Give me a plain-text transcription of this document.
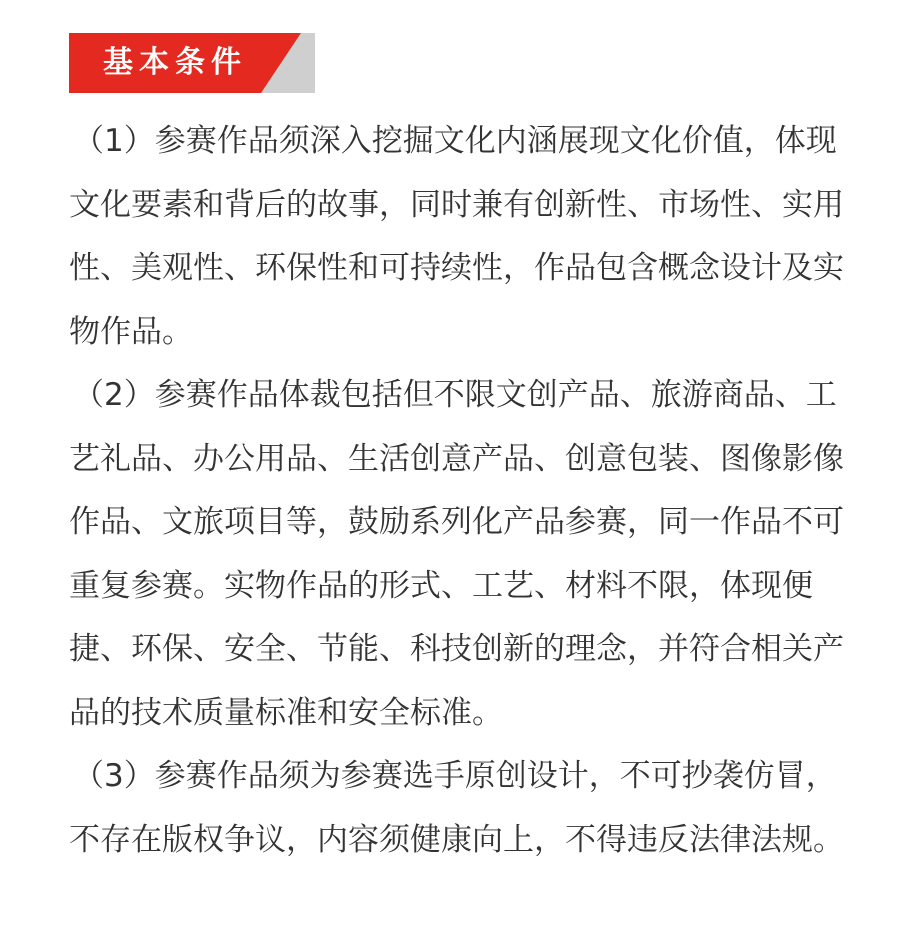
基本条件

（1）参赛作品须深入挖掘文化内涵展现文化价值，体现文化要素和背后的故事，同时兼有创新性、市场性、实用性、美观性、环保性和可持续性，作品包含概念设计及实物作品。

（2）参赛作品体裁包括但不限文创产品、旅游商品、工艺礼品、办公用品、生活创意产品、创意包装、图像影像作品、文旅项目等，鼓励系列化产品参赛，同一作品不可重复参赛。实物作品的形式、工艺、材料不限，体现便捷、环保、安全、节能、科技创新的理念，并符合相关产品的技术质量标准和安全标准。

（3）参赛作品须为参赛选手原创设计，不可抄袭仿冒，不存在版权争议，内容须健康向上，不得违反法律法规。
